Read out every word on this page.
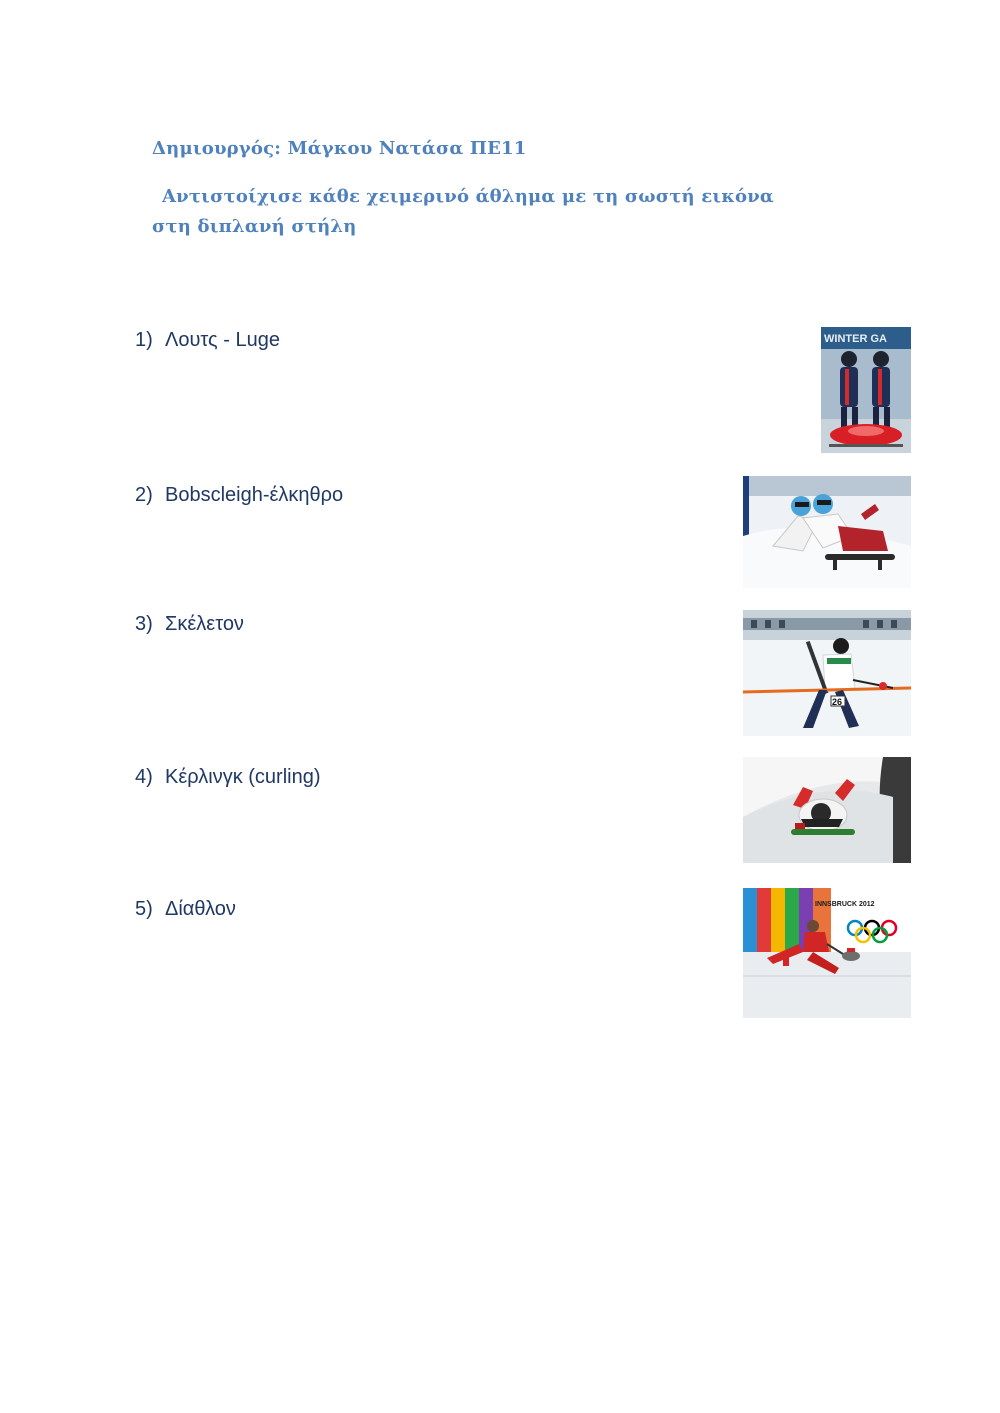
Δημιουργός: Μάγκου Νατάσα ΠΕ11
Αντιστοίχισε κάθε χειμερινό άθλημα με τη σωστή εικόνα στη διπλανή στήλη
1) Λουτς - Luge
2) Bobscleigh-έλκηθρο
3) Σκέλετον
4) Κέρλινγκ (curling)
5) Δίαθλον
WINTER GA
26
INNSBRUCK 2012
